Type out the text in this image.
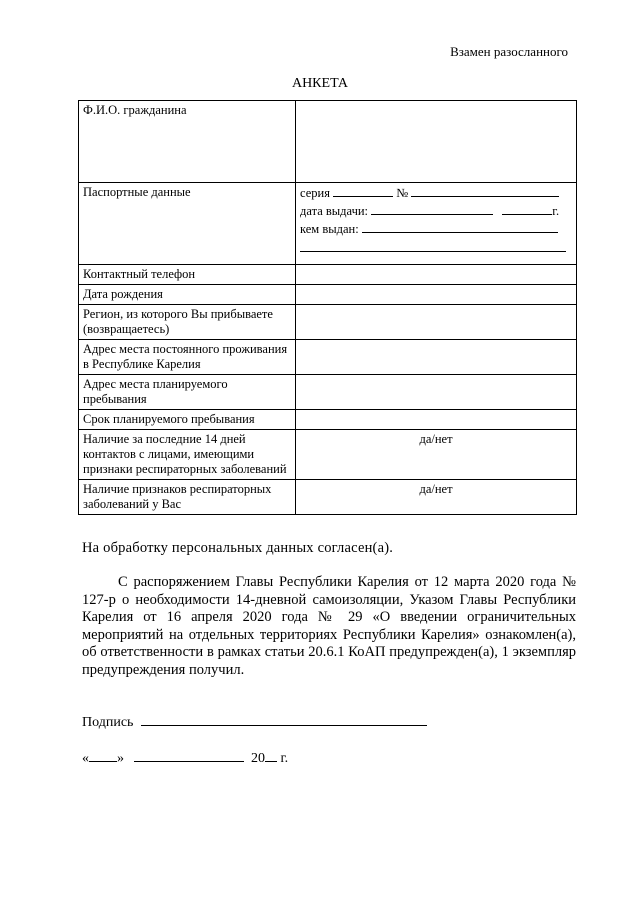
Взамен разосланного
АНКЕТА
Ф.И.О. гражданина	
Паспортные данные	серия №
дата выдачи: г.
кем выдан:

Контактный телефон	
Дата рождения	
Регион, из которого Вы прибываете (возвращаетесь)	
Адрес места постоянного проживания в Республике Карелия	
Адрес места планируемого пребывания	
Срок планируемого пребывания	
Наличие за последние 14 дней контактов с лицами, имеющими признаки респираторных заболеваний	да/нет
Наличие признаков респираторных заболеваний у Вас	да/нет
На обработку персональных данных согласен(а).
С распоряжением Главы Республики Карелия от 12 марта 2020 года № 127-р о необходимости 14-дневной самоизоляции, Указом Главы Республики Карелия от 16 апреля 2020 года № 29 «О введении ограничительных мероприятий на отдельных территориях Республики Карелия» ознакомлен(а), об ответственности в рамках статьи 20.6.1 КоАП предупрежден(а), 1 экземпляр предупреждения получил.
Подпись
« »	20 г.
